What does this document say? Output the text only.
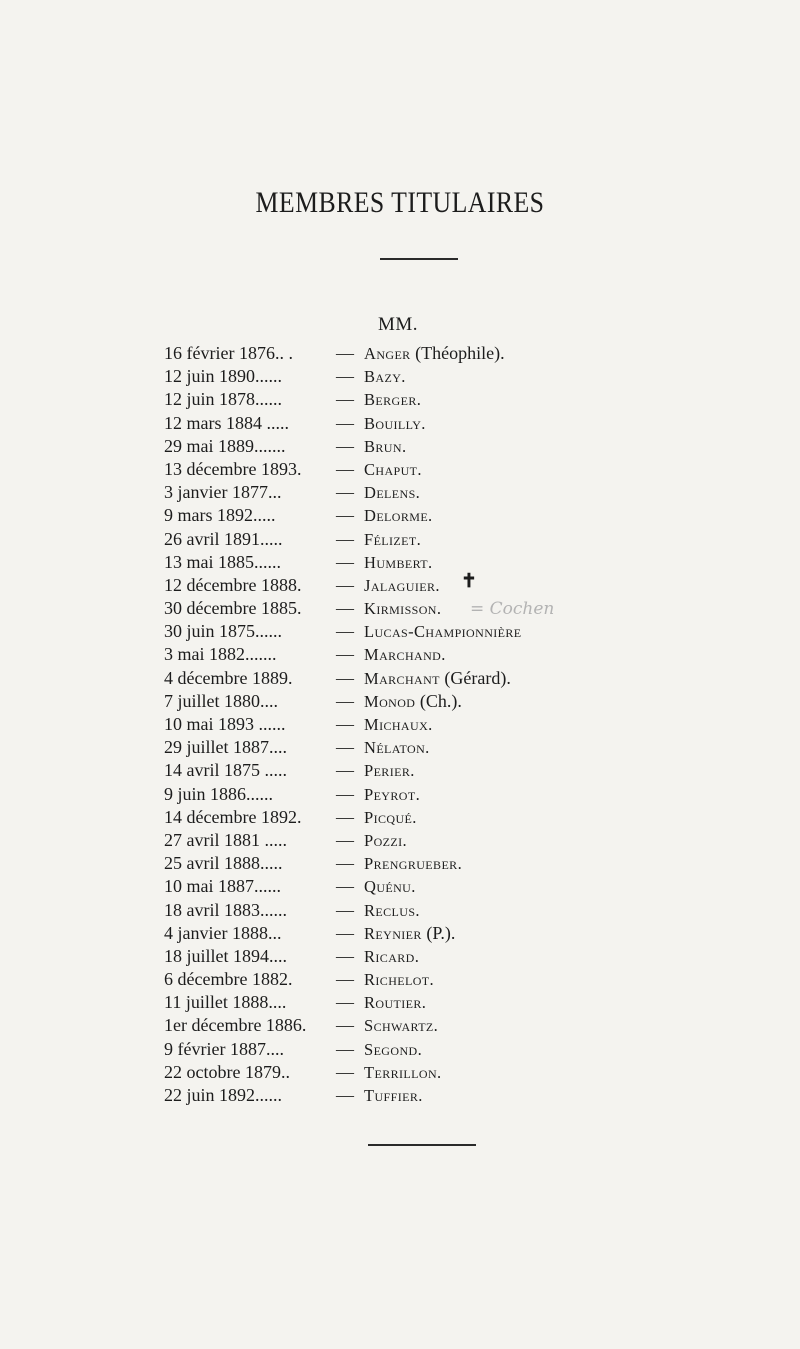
MEMBRES TITULAIRES
MM.
16 février 1876.. .	— Anger (Théophile).
12 juin 1890......	— Bazy.
12 juin 1878......	— Berger.
12 mars 1884 .....	— Bouilly.
29 mai 1889.......	— Brun.
13 décembre 1893.	— Chaput.
3 janvier 1877...	— Delens.
9 mars 1892.....	— Delorme.
26 avril 1891.....	— Félizet.
13 mai 1885......	— Humbert.
12 décembre 1888.	— Jalaguier. ✝
30 décembre 1885.	— Kirmisson. = Cochen
30 juin 1875......	— Lucas-Championnière
3 mai 1882.......	— Marchand.
4 décembre 1889.	— Marchant (Gérard).
7 juillet 1880....	— Monod (Ch.).
10 mai 1893 ......	— Michaux.
29 juillet 1887....	— Nélaton.
14 avril 1875 .....	— Perier.
9 juin 1886......	— Peyrot.
14 décembre 1892.	— Picqué.
27 avril 1881 .....	— Pozzi.
25 avril 1888.....	— Prengrueber.
10 mai 1887......	— Quénu.
18 avril 1883......	— Reclus.
4 janvier 1888...	— Reynier (P.).
18 juillet 1894....	— Ricard.
6 décembre 1882.	— Richelot.
11 juillet 1888....	— Routier.
1er décembre 1886.	— Schwartz.
9 février 1887....	— Segond.
22 octobre 1879..	— Terrillon.
22 juin 1892......	— Tuffier.
